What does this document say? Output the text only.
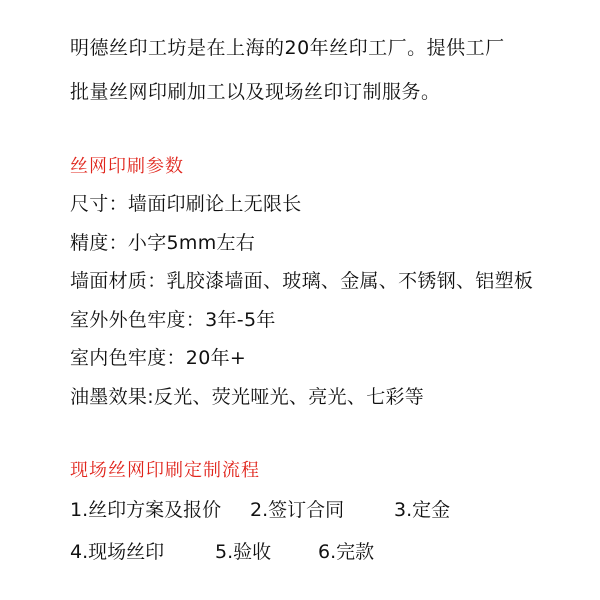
明德丝印工坊是在上海的20年丝印工厂。提供工厂
批量丝网印刷加工以及现场丝印订制服务。
丝网印刷参数
尺寸：墙面印刷论上无限长
精度：小字5mm左右
墙面材质：乳胶漆墙面、玻璃、金属、不锈钢、铝塑板
室外外色牢度：3年-5年
室内色牢度：20年+
油墨效果:反光、荧光哑光、亮光、七彩等
现场丝网印刷定制流程
1.丝印方案及报价 2.签订合同	3.定金
4.现场丝印	5.验收 6.完款
